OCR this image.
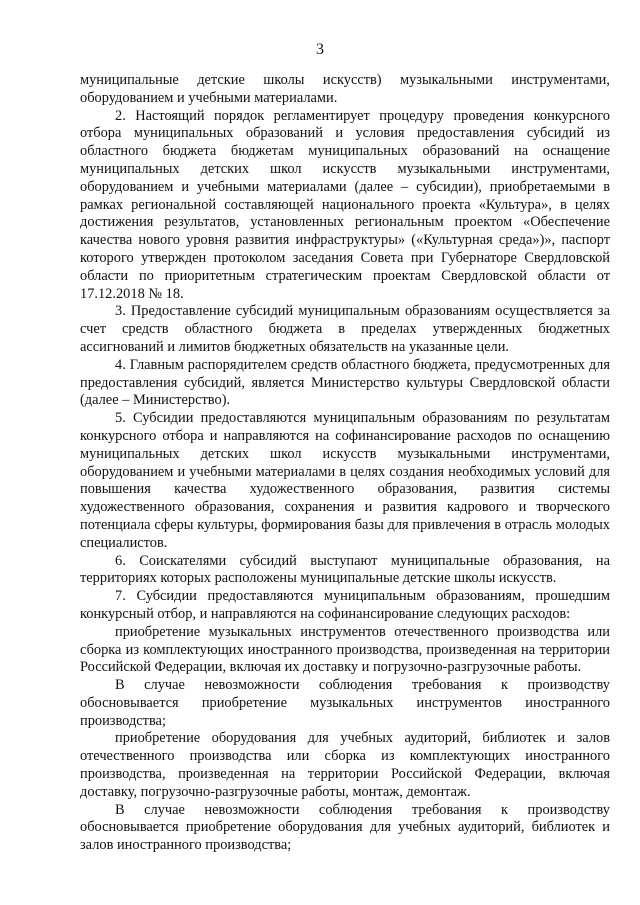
3

муниципальные детские школы искусств) музыкальными инструментами, оборудованием и учебными материалами.

2. Настоящий порядок регламентирует процедуру проведения конкурсного отбора муниципальных образований и условия предоставления субсидий из областного бюджета бюджетам муниципальных образований на оснащение муниципальных детских школ искусств музыкальными инструментами, оборудованием и учебными материалами (далее – субсидии), приобретаемыми в рамках региональной составляющей национального проекта «Культура», в целях достижения результатов, установленных региональным проектом «Обеспечение качества нового уровня развития инфраструктуры» («Культурная среда»)», паспорт которого утвержден протоколом заседания Совета при Губернаторе Свердловской области по приоритетным стратегическим проектам Свердловской области от 17.12.2018 № 18.

3. Предоставление субсидий муниципальным образованиям осуществляется за счет средств областного бюджета в пределах утвержденных бюджетных ассигнований и лимитов бюджетных обязательств на указанные цели.

4. Главным распорядителем средств областного бюджета, предусмотренных для предоставления субсидий, является Министерство культуры Свердловской области (далее – Министерство).

5. Субсидии предоставляются муниципальным образованиям по результатам конкурсного отбора и направляются на софинансирование расходов по оснащению муниципальных детских школ искусств музыкальными инструментами, оборудованием и учебными материалами в целях создания необходимых условий для повышения качества художественного образования, развития системы художественного образования, сохранения и развития кадрового и творческого потенциала сферы культуры, формирования базы для привлечения в отрасль молодых специалистов.

6. Соискателями субсидий выступают муниципальные образования, на территориях которых расположены муниципальные детские школы искусств.

7. Субсидии предоставляются муниципальным образованиям, прошедшим конкурсный отбор, и направляются на софинансирование следующих расходов:

приобретение музыкальных инструментов отечественного производства или сборка из комплектующих иностранного производства, произведенная на территории Российской Федерации, включая их доставку и погрузочно-разгрузочные работы.

В случае невозможности соблюдения требования к производству обосновывается приобретение музыкальных инструментов иностранного производства;

приобретение оборудования для учебных аудиторий, библиотек и залов отечественного производства или сборка из комплектующих иностранного производства, произведенная на территории Российской Федерации, включая доставку, погрузочно-разгрузочные работы, монтаж, демонтаж.

В случае невозможности соблюдения требования к производству обосновывается приобретение оборудования для учебных аудиторий, библиотек и залов иностранного производства;
